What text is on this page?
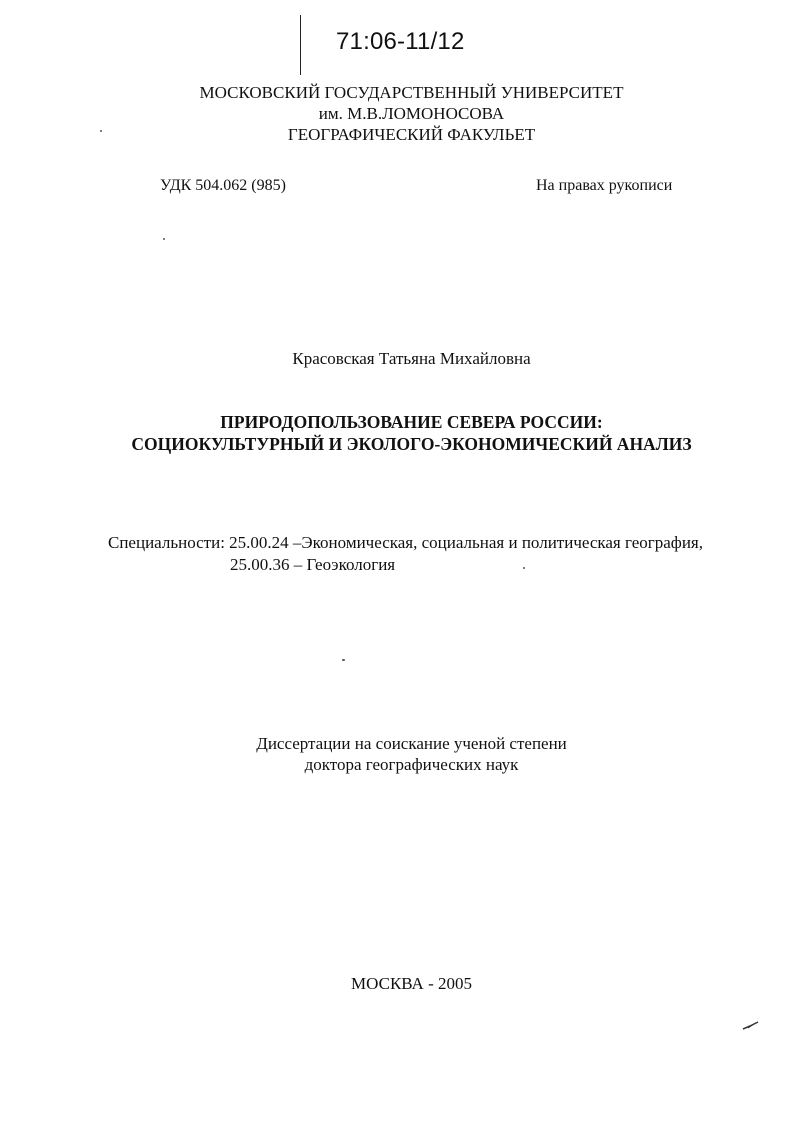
71:06-11/12
МОСКОВСКИЙ ГОСУДАРСТВЕННЫЙ УНИВЕРСИТЕТ
им. М.В.ЛОМОНОСОВА
ГЕОГРАФИЧЕСКИЙ ФАКУЛЬЕТ
УДК 504.062 (985)	На правах рукописи
Красовская Татьяна Михайловна
ПРИРОДОПОЛЬЗОВАНИЕ СЕВЕРА РОССИИ:
СОЦИОКУЛЬТУРНЫЙ И ЭКОЛОГО-ЭКОНОМИЧЕСКИЙ АНАЛИЗ
Специальности: 25.00.24 –Экономическая, социальная и политическая география,
25.00.36 – Геоэкология
Диссертации на соискание ученой степени
доктора географических наук
МОСКВА - 2005
